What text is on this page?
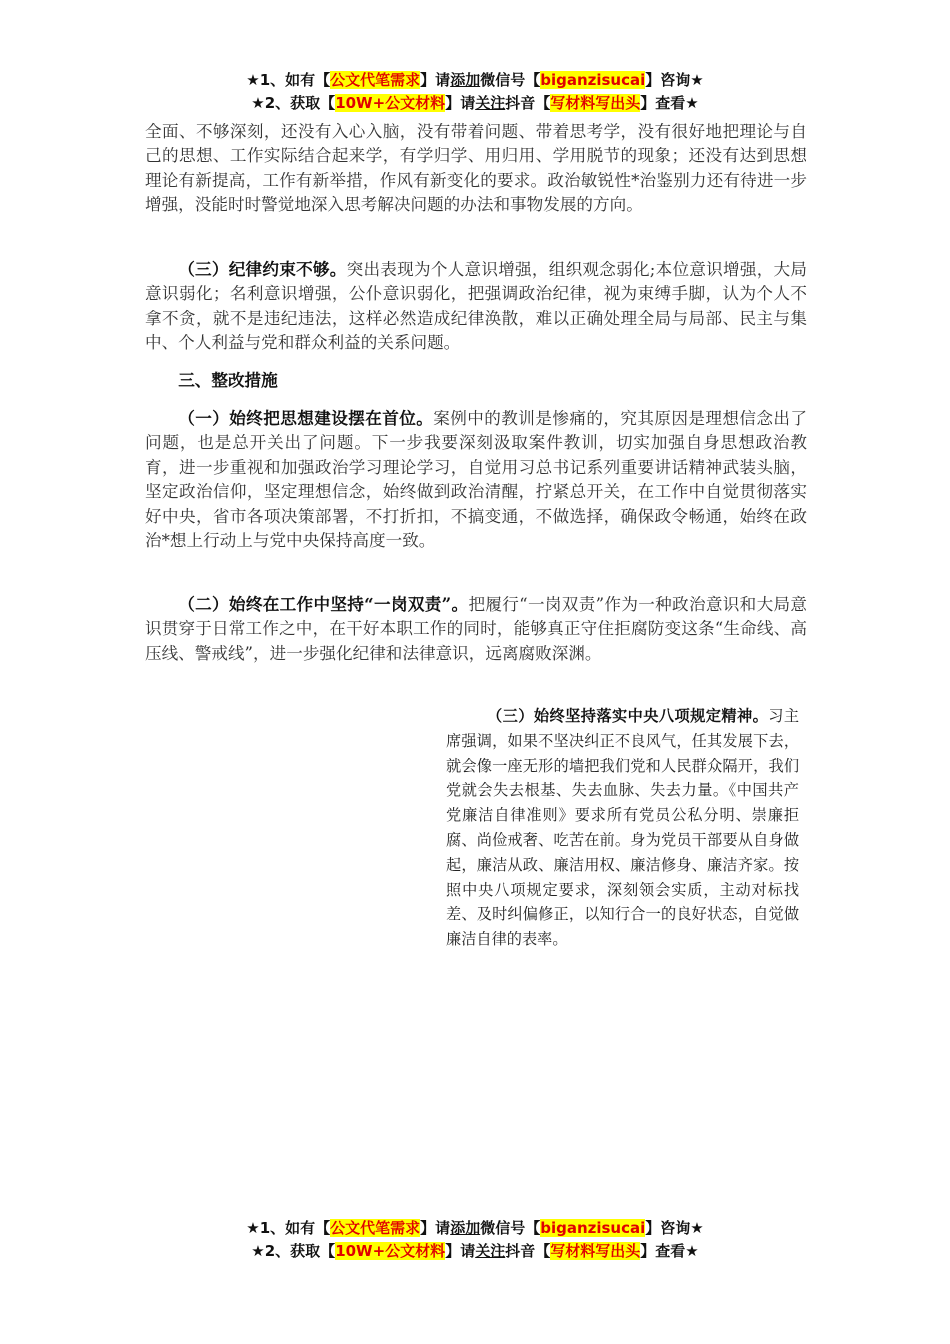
★1、如有【公文代笔需求】请添加微信号【biganzisucai】咨询★
★2、获取【10W+公文材料】请关注抖音【写材料写出头】查看★

全面、不够深刻，还没有入心入脑，没有带着问题、带着思考学，没有很好地把理论与自己的思想、工作实际结合起来学，有学归学、用归用、学用脱节的现象；还没有达到思想理论有新提高，工作有新举措，作风有新变化的要求。政治敏锐性*治鉴别力还有待进一步增强，没能时时警觉地深入思考解决问题的办法和事物发展的方向。

（三）纪律约束不够。突出表现为个人意识增强，组织观念弱化;本位意识增强，大局意识弱化；名利意识增强，公仆意识弱化，把强调政治纪律，视为束缚手脚，认为个人不拿不贪，就不是违纪违法，这样必然造成纪律涣散，难以正确处理全局与局部、民主与集中、个人利益与党和群众利益的关系问题。

三、整改措施

（一）始终把思想建设摆在首位。案例中的教训是惨痛的，究其原因是理想信念出了问题，也是总开关出了问题。下一步我要深刻汲取案件教训，切实加强自身思想政治教育，进一步重视和加强政治学习理论学习，自觉用习总书记系列重要讲话精神武装头脑，坚定政治信仰，坚定理想信念，始终做到政治清醒，拧紧总开关，在工作中自觉贯彻落实好中央，省市各项决策部署，不打折扣，不搞变通，不做选择，确保政令畅通，始终在政治*想上行动上与党中央保持高度一致。

（二）始终在工作中坚持“一岗双责”。把履行“一岗双责”作为一种政治意识和大局意识贯穿于日常工作之中，在干好本职工作的同时，能够真正守住拒腐防变这条“生命线、高压线、警戒线”，进一步强化纪律和法律意识，远离腐败深渊。

（三）始终坚持落实中央八项规定精神。习主席强调，如果不坚决纠正不良风气，任其发展下去，就会像一座无形的墙把我们党和人民群众隔开，我们党就会失去根基、失去血脉、失去力量。《中国共产党廉洁自律准则》要求所有党员公私分明、崇廉拒腐、尚俭戒奢、吃苦在前。身为党员干部要从自身做起，廉洁从政、廉洁用权、廉洁修身、廉洁齐家。按照中央八项规定要求，深刻领会实质，主动对标找差、及时纠偏修正，以知行合一的良好状态，自觉做廉洁自律的表率。

★1、如有【公文代笔需求】请添加微信号【biganzisucai】咨询★
★2、获取【10W+公文材料】请关注抖音【写材料写出头】查看★
